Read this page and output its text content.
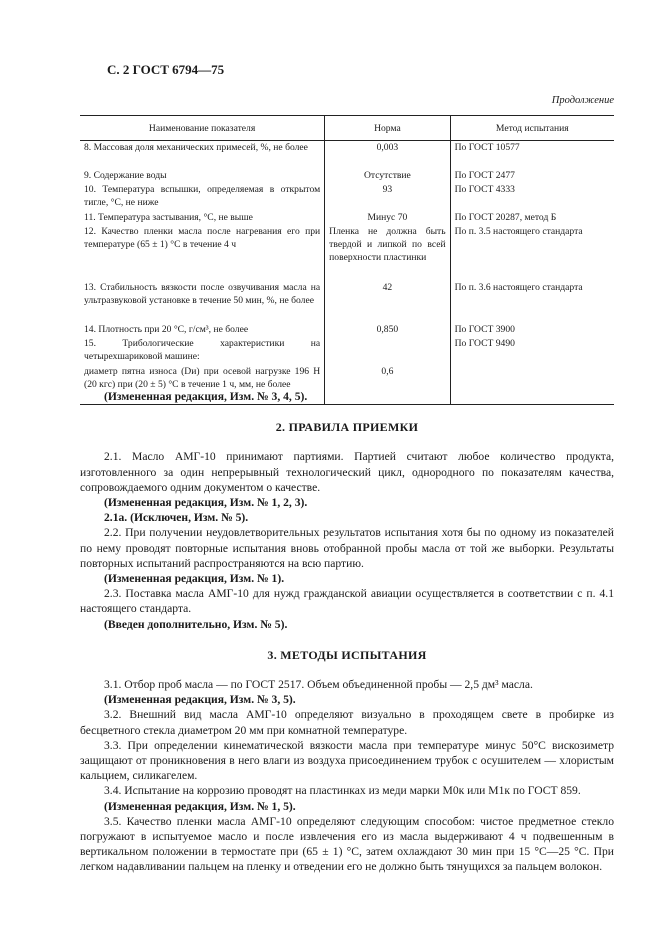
С. 2 ГОСТ 6794—75
Продолжение
Наименование показателя	Норма	Метод испытания
8. Массовая доля механических примесей, %, не более	0,003	По ГОСТ 10577
9. Содержание воды	Отсутствие	По ГОСТ 2477
10. Температура вспышки, определяемая в открытом тигле, °С, не ниже	93	По ГОСТ 4333
11. Температура застывания, °С, не выше	Минус 70	По ГОСТ 20287, метод Б
12. Качество пленки масла после нагревания его при температуре (65 ± 1) °С в течение 4 ч	Пленка не должна быть твердой и липкой по всей поверхности пластинки	По п. 3.5 настоящего стандарта
13. Стабильность вязкости после озвучивания масла на ультразвуковой установке в течение 50 мин, %, не более	42	По п. 3.6 настоящего стандарта
14. Плотность при 20 °С, г/см³, не более	0,850	По ГОСТ 3900
15. Трибологические характеристики на четырехшариковой машине:		По ГОСТ 9490
диаметр пятна износа (Dи) при осевой нагрузке 196 Н (20 кгс) при (20 ± 5) °С в течение 1 ч, мм, не более	0,6	

(Измененная редакция, Изм. № 3, 4, 5).

2. ПРАВИЛА ПРИЕМКИ

2.1. Масло АМГ-10 принимают партиями. Партией считают любое количество продукта, изготовленного за один непрерывный технологический цикл, однородного по показателям качества, сопровождаемого одним документом о качестве.

(Измененная редакция, Изм. № 1, 2, 3).

2.1а. (Исключен, Изм. № 5).

2.2. При получении неудовлетворительных результатов испытания хотя бы по одному из показателей по нему проводят повторные испытания вновь отобранной пробы масла от той же выборки. Результаты повторных испытаний распространяются на всю партию.

(Измененная редакция, Изм. № 1).

2.3. Поставка масла АМГ-10 для нужд гражданской авиации осуществляется в соответствии с п. 4.1 настоящего стандарта.

(Введен дополнительно, Изм. № 5).

3. МЕТОДЫ ИСПЫТАНИЯ

3.1. Отбор проб масла — по ГОСТ 2517. Объем объединенной пробы — 2,5 дм³ масла.

(Измененная редакция, Изм. № 3, 5).

3.2. Внешний вид масла АМГ-10 определяют визуально в проходящем свете в пробирке из бесцветного стекла диаметром 20 мм при комнатной температуре.

3.3. При определении кинематической вязкости масла при температуре минус 50°С вискозиметр защищают от проникновения в него влаги из воздуха присоединением трубок с осушителем — хлористым кальцием, силикагелем.

3.4. Испытание на коррозию проводят на пластинках из меди марки М0к или М1к по ГОСТ 859.

(Измененная редакция, Изм. № 1, 5).

3.5. Качество пленки масла АМГ-10 определяют следующим способом: чистое предметное стекло погружают в испытуемое масло и после извлечения его из масла выдерживают 4 ч подвешенным в вертикальном положении в термостате при (65 ± 1) °С, затем охлаждают 30 мин при 15 °С—25 °С. При легком надавливании пальцем на пленку и отведении его не должно быть тянущихся за пальцем волокон.
